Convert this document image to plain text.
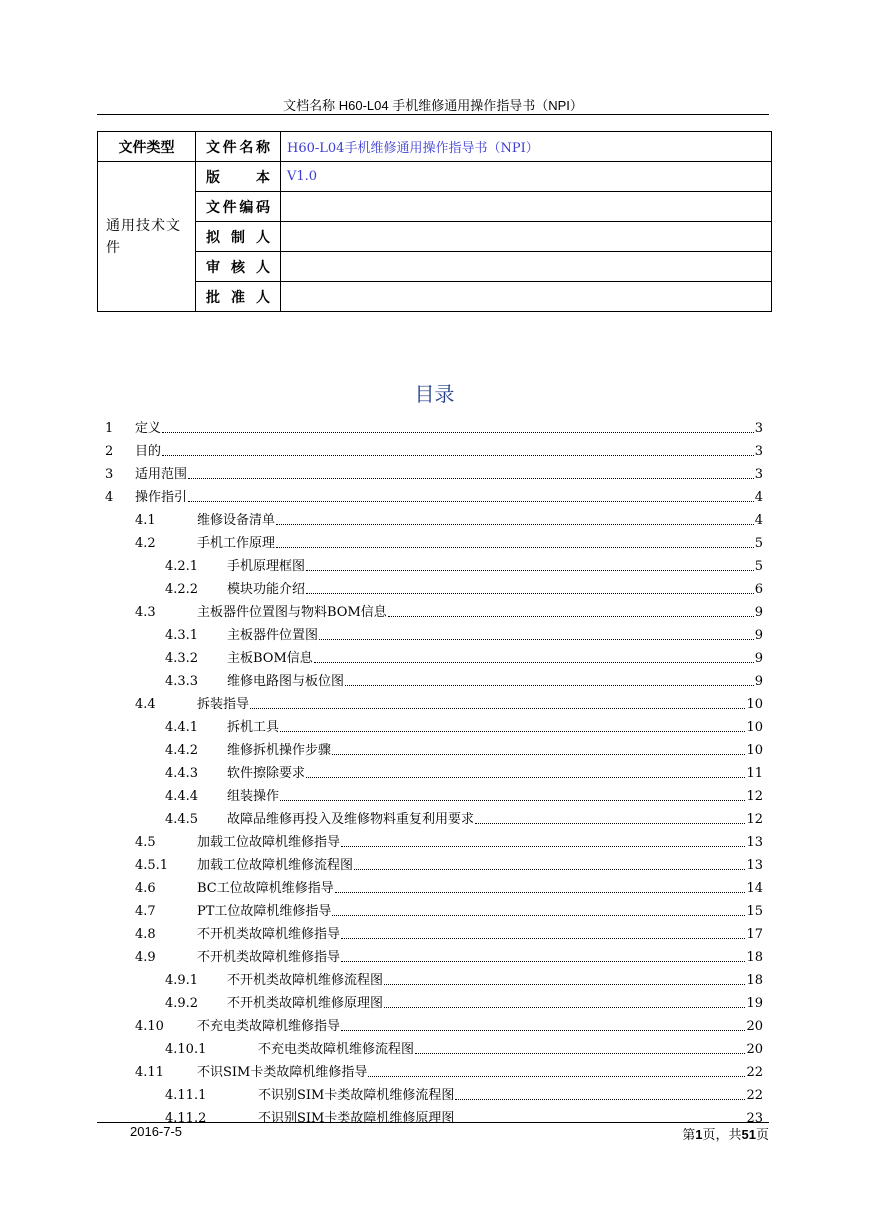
文档名称 H60-L04 手机维修通用操作指导书（NPI）
文件类型	文件名称	H60-L04手机维修通用操作指导书（NPI）
通用技术文件	版本	V1.0
	文件编码	
	拟制人	
	审核人	
	批准人	
目录
1	定义	3
2	目的	3
3	适用范围	3
4	操作指引	4
4.1	维修设备清单	4
4.2	手机工作原理	5
4.2.1	手机原理框图	5
4.2.2	模块功能介绍	6
4.3	主板器件位置图与物料BOM信息	9
4.3.1	主板器件位置图	9
4.3.2	主板BOM信息	9
4.3.3	维修电路图与板位图	9
4.4	拆装指导	10
4.4.1	拆机工具	10
4.4.2	维修拆机操作步骤	10
4.4.3	软件擦除要求	11
4.4.4	组装操作	12
4.4.5	故障品维修再投入及维修物料重复利用要求	12
4.5	加载工位故障机维修指导	13
4.5.1	加载工位故障机维修流程图	13
4.6	BC工位故障机维修指导	14
4.7	PT工位故障机维修指导	15
4.8	不开机类故障机维修指导	17
4.9	不开机类故障机维修指导	18
4.9.1	不开机类故障机维修流程图	18
4.9.2	不开机类故障机维修原理图	19
4.10	不充电类故障机维修指导	20
4.10.1	不充电类故障机维修流程图	20
4.11	不识SIM卡类故障机维修指导	22
4.11.1	不识别SIM卡类故障机维修流程图	22
4.11.2	不识别SIM卡类故障机维修原理图	23
2016-7-5	第1页，共51页
